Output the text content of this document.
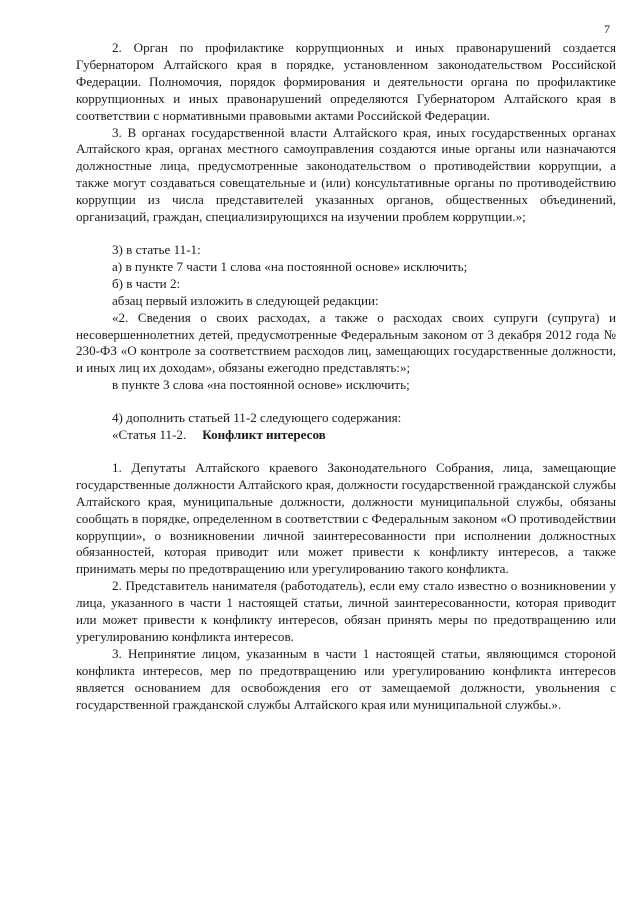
7

2. Орган по профилактике коррупционных и иных правонарушений создается Губернатором Алтайского края в порядке, установленном законодательством Российской Федерации. Полномочия, порядок формирования и деятельности органа по профилактике коррупционных и иных правонарушений определяются Губернатором Алтайского края в соответствии с нормативными правовыми актами Российской Федерации.

3. В органах государственной власти Алтайского края, иных государственных органах Алтайского края, органах местного самоуправления создаются иные органы или назначаются должностные лица, предусмотренные законодательством о противодействии коррупции, а также могут создаваться совещательные и (или) консультативные органы по противодействию коррупции из числа представителей указанных органов, общественных объединений, организаций, граждан, специализирующихся на изучении проблем коррупции.»;

3) в статье 11-1:

а) в пункте 7 части 1 слова «на постоянной основе» исключить;

б) в части 2:

абзац первый изложить в следующей редакции:

«2. Сведения о своих расходах, а также о расходах своих супруги (супруга) и несовершеннолетних детей, предусмотренные Федеральным законом от 3 декабря 2012 года № 230-ФЗ «О контроле за соответствием расходов лиц, замещающих государственные должности, и иных лиц их доходам», обязаны ежегодно представлять:»;

в пункте 3 слова «на постоянной основе» исключить;

4) дополнить статьей 11-2 следующего содержания:

«Статья 11-2. Конфликт интересов

1. Депутаты Алтайского краевого Законодательного Собрания, лица, замещающие государственные должности Алтайского края, должности государственной гражданской службы Алтайского края, муниципальные должности, должности муниципальной службы, обязаны сообщать в порядке, определенном в соответствии с Федеральным законом «О противодействии коррупции», о возникновении личной заинтересованности при исполнении должностных обязанностей, которая приводит или может привести к конфликту интересов, а также принимать меры по предотвращению или урегулированию такого конфликта.

2. Представитель нанимателя (работодатель), если ему стало известно о возникновении у лица, указанного в части 1 настоящей статьи, личной заинтересованности, которая приводит или может привести к конфликту интересов, обязан принять меры по предотвращению или урегулированию конфликта интересов.

3. Непринятие лицом, указанным в части 1 настоящей статьи, являющимся стороной конфликта интересов, мер по предотвращению или урегулированию конфликта интересов является основанием для освобождения его от замещаемой должности, увольнения с государственной гражданской службы Алтайского края или муниципальной службы.».
